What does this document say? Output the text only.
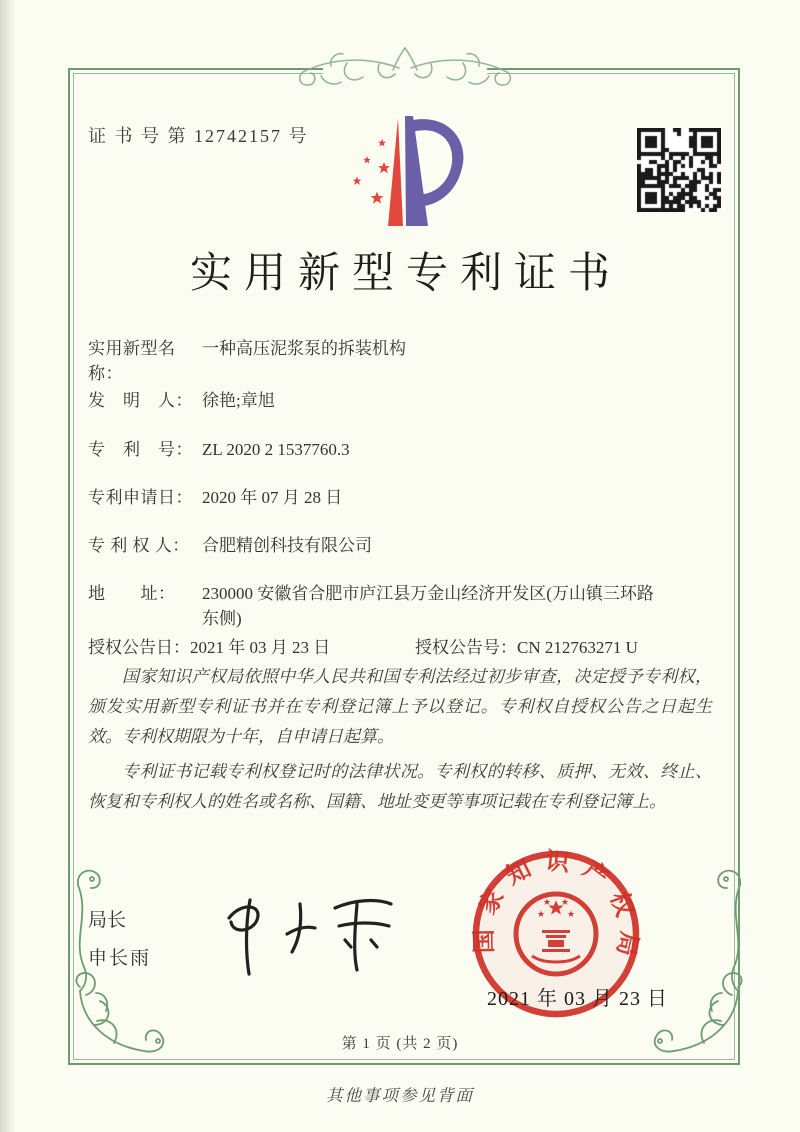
证 书 号 第 12742157 号
实用新型专利证书
实用新型名称：
一种高压泥浆泵的拆装机构
发　明　人： 徐艳;章旭
专　利　号： ZL 2020 2 1537760.3
专利申请日： 2020 年 07 月 28 日
专 利 权 人： 合肥精创科技有限公司
地　　址：	230000 安徽省合肥市庐江县万金山经济开发区(万山镇三环路东侧)
授权公告日：2021 年 03 月 23 日	授权公告号：CN 212763271 U

国家知识产权局依照中华人民共和国专利法经过初步审查，决定授予专利权，颁发实用新型专利证书并在专利登记簿上予以登记。专利权自授权公告之日起生效。专利权期限为十年，自申请日起算。

专利证书记载专利权登记时的法律状况。专利权的转移、质押、无效、终止、恢复和专利权人的姓名或名称、国籍、地址变更等事项记载在专利登记簿上。

局长
申长雨
国家知识产权局
2021 年 03 月 23 日
第 1 页 (共 2 页)
其他事项参见背面
